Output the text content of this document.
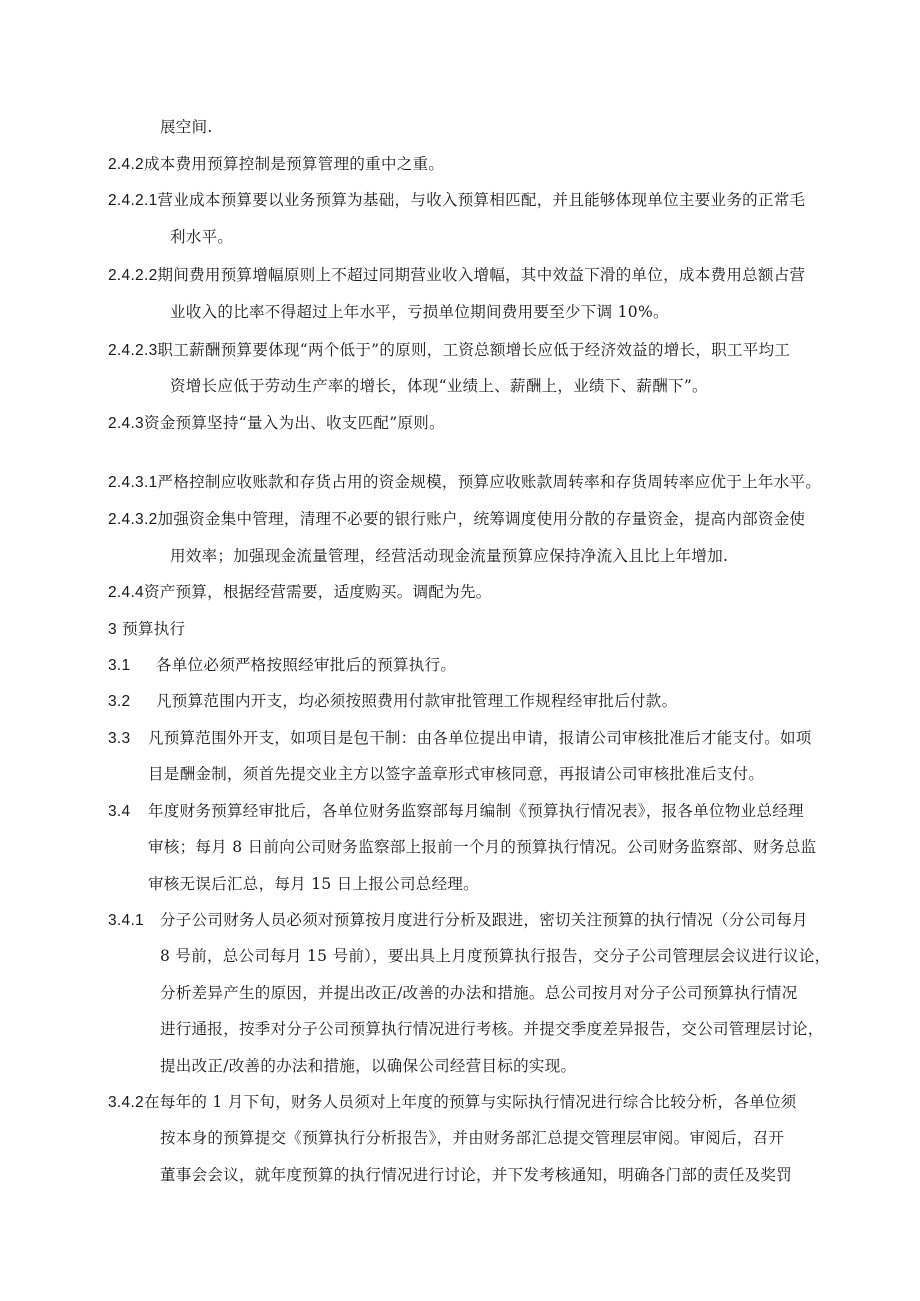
展空间.
2.4.2成本费用预算控制是预算管理的重中之重。
2.4.2.1营业成本预算要以业务预算为基础，与收入预算相匹配，并且能够体现单位主要业务的正常毛
利水平。
2.4.2.2期间费用预算增幅原则上不超过同期营业收入增幅，其中效益下滑的单位，成本费用总额占营
业收入的比率不得超过上年水平，亏损单位期间费用要至少下调 10%。
2.4.2.3职工薪酬预算要体现“两个低于”的原则，工资总额增长应低于经济效益的增长，职工平均工
资增长应低于劳动生产率的增长，体现“业绩上、薪酬上，业绩下、薪酬下”。
2.4.3资金预算坚持“量入为出、收支匹配”原则。
2.4.3.1严格控制应收账款和存货占用的资金规模，预算应收账款周转率和存货周转率应优于上年水平。
2.4.3.2加强资金集中管理，清理不必要的银行账户，统筹调度使用分散的存量资金，提高内部资金使
用效率；加强现金流量管理，经营活动现金流量预算应保持净流入且比上年增加.
2.4.4资产预算，根据经营需要，适度购买。调配为先。
3 预算执行
3.1 各单位必须严格按照经审批后的预算执行。
3.2 凡预算范围内开支，均必须按照费用付款审批管理工作规程经审批后付款。
3.3 凡预算范围外开支，如项目是包干制：由各单位提出申请，报请公司审核批准后才能支付。如项
目是酬金制，须首先提交业主方以签字盖章形式审核同意，再报请公司审核批准后支付。
3.4 年度财务预算经审批后，各单位财务监察部每月编制《预算执行情况表》，报各单位物业总经理
审核；每月 8 日前向公司财务监察部上报前一个月的预算执行情况。公司财务监察部、财务总监
审核无误后汇总，每月 15 日上报公司总经理。
3.4.1 分子公司财务人员必须对预算按月度进行分析及跟进，密切关注预算的执行情况（分公司每月
8 号前，总公司每月 15 号前），要出具上月度预算执行报告，交分子公司管理层会议进行议论，
分析差异产生的原因，并提出改正/改善的办法和措施。总公司按月对分子公司预算执行情况
进行通报，按季对分子公司预算执行情况进行考核。并提交季度差异报告，交公司管理层讨论，
提出改正/改善的办法和措施，以确保公司经营目标的实现。
3.4.2在每年的 1 月下旬，财务人员须对上年度的预算与实际执行情况进行综合比较分析，各单位须
按本身的预算提交《预算执行分析报告》，并由财务部汇总提交管理层审阅。审阅后，召开
董事会会议，就年度预算的执行情况进行讨论，并下发考核通知，明确各门部的责任及奖罚
